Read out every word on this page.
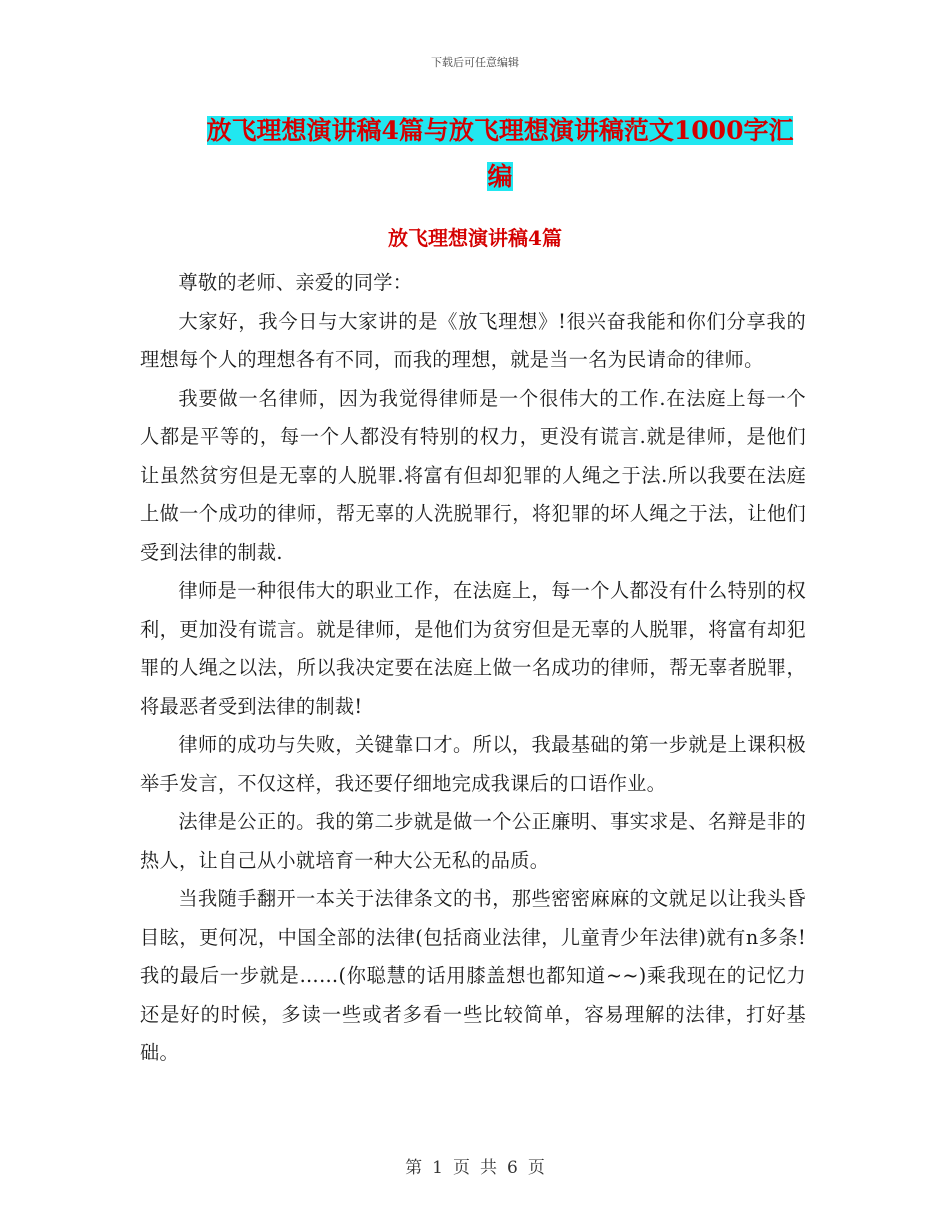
下载后可任意编辑
放飞理想演讲稿4篇与放飞理想演讲稿范文1000字汇
编
放飞理想演讲稿4篇

尊敬的老师、亲爱的同学：

大家好，我今日与大家讲的是《放飞理想》!很兴奋我能和你们分享我的理想每个人的理想各有不同，而我的理想，就是当一名为民请命的律师。

我要做一名律师，因为我觉得律师是一个很伟大的工作.在法庭上每一个人都是平等的，每一个人都没有特别的权力，更没有谎言.就是律师，是他们让虽然贫穷但是无辜的人脱罪.将富有但却犯罪的人绳之于法.所以我要在法庭上做一个成功的律师，帮无辜的人洗脱罪行，将犯罪的坏人绳之于法，让他们受到法律的制裁.

律师是一种很伟大的职业工作，在法庭上，每一个人都没有什么特别的权利，更加没有谎言。就是律师，是他们为贫穷但是无辜的人脱罪，将富有却犯罪的人绳之以法，所以我决定要在法庭上做一名成功的律师，帮无辜者脱罪，将最恶者受到法律的制裁!

律师的成功与失败，关键靠口才。所以，我最基础的第一步就是上课积极举手发言，不仅这样，我还要仔细地完成我课后的口语作业。

法律是公正的。我的第二步就是做一个公正廉明、事实求是、名辩是非的热人，让自己从小就培育一种大公无私的品质。

当我随手翻开一本关于法律条文的书，那些密密麻麻的文就足以让我头昏目眩，更何况，中国全部的法律(包括商业法律，儿童青少年法律)就有n多条!我的最后一步就是……(你聪慧的话用膝盖想也都知道~~)乘我现在的记忆力还是好的时候，多读一些或者多看一些比较简单，容易理解的法律，打好基础。

第 1 页 共 6 页
